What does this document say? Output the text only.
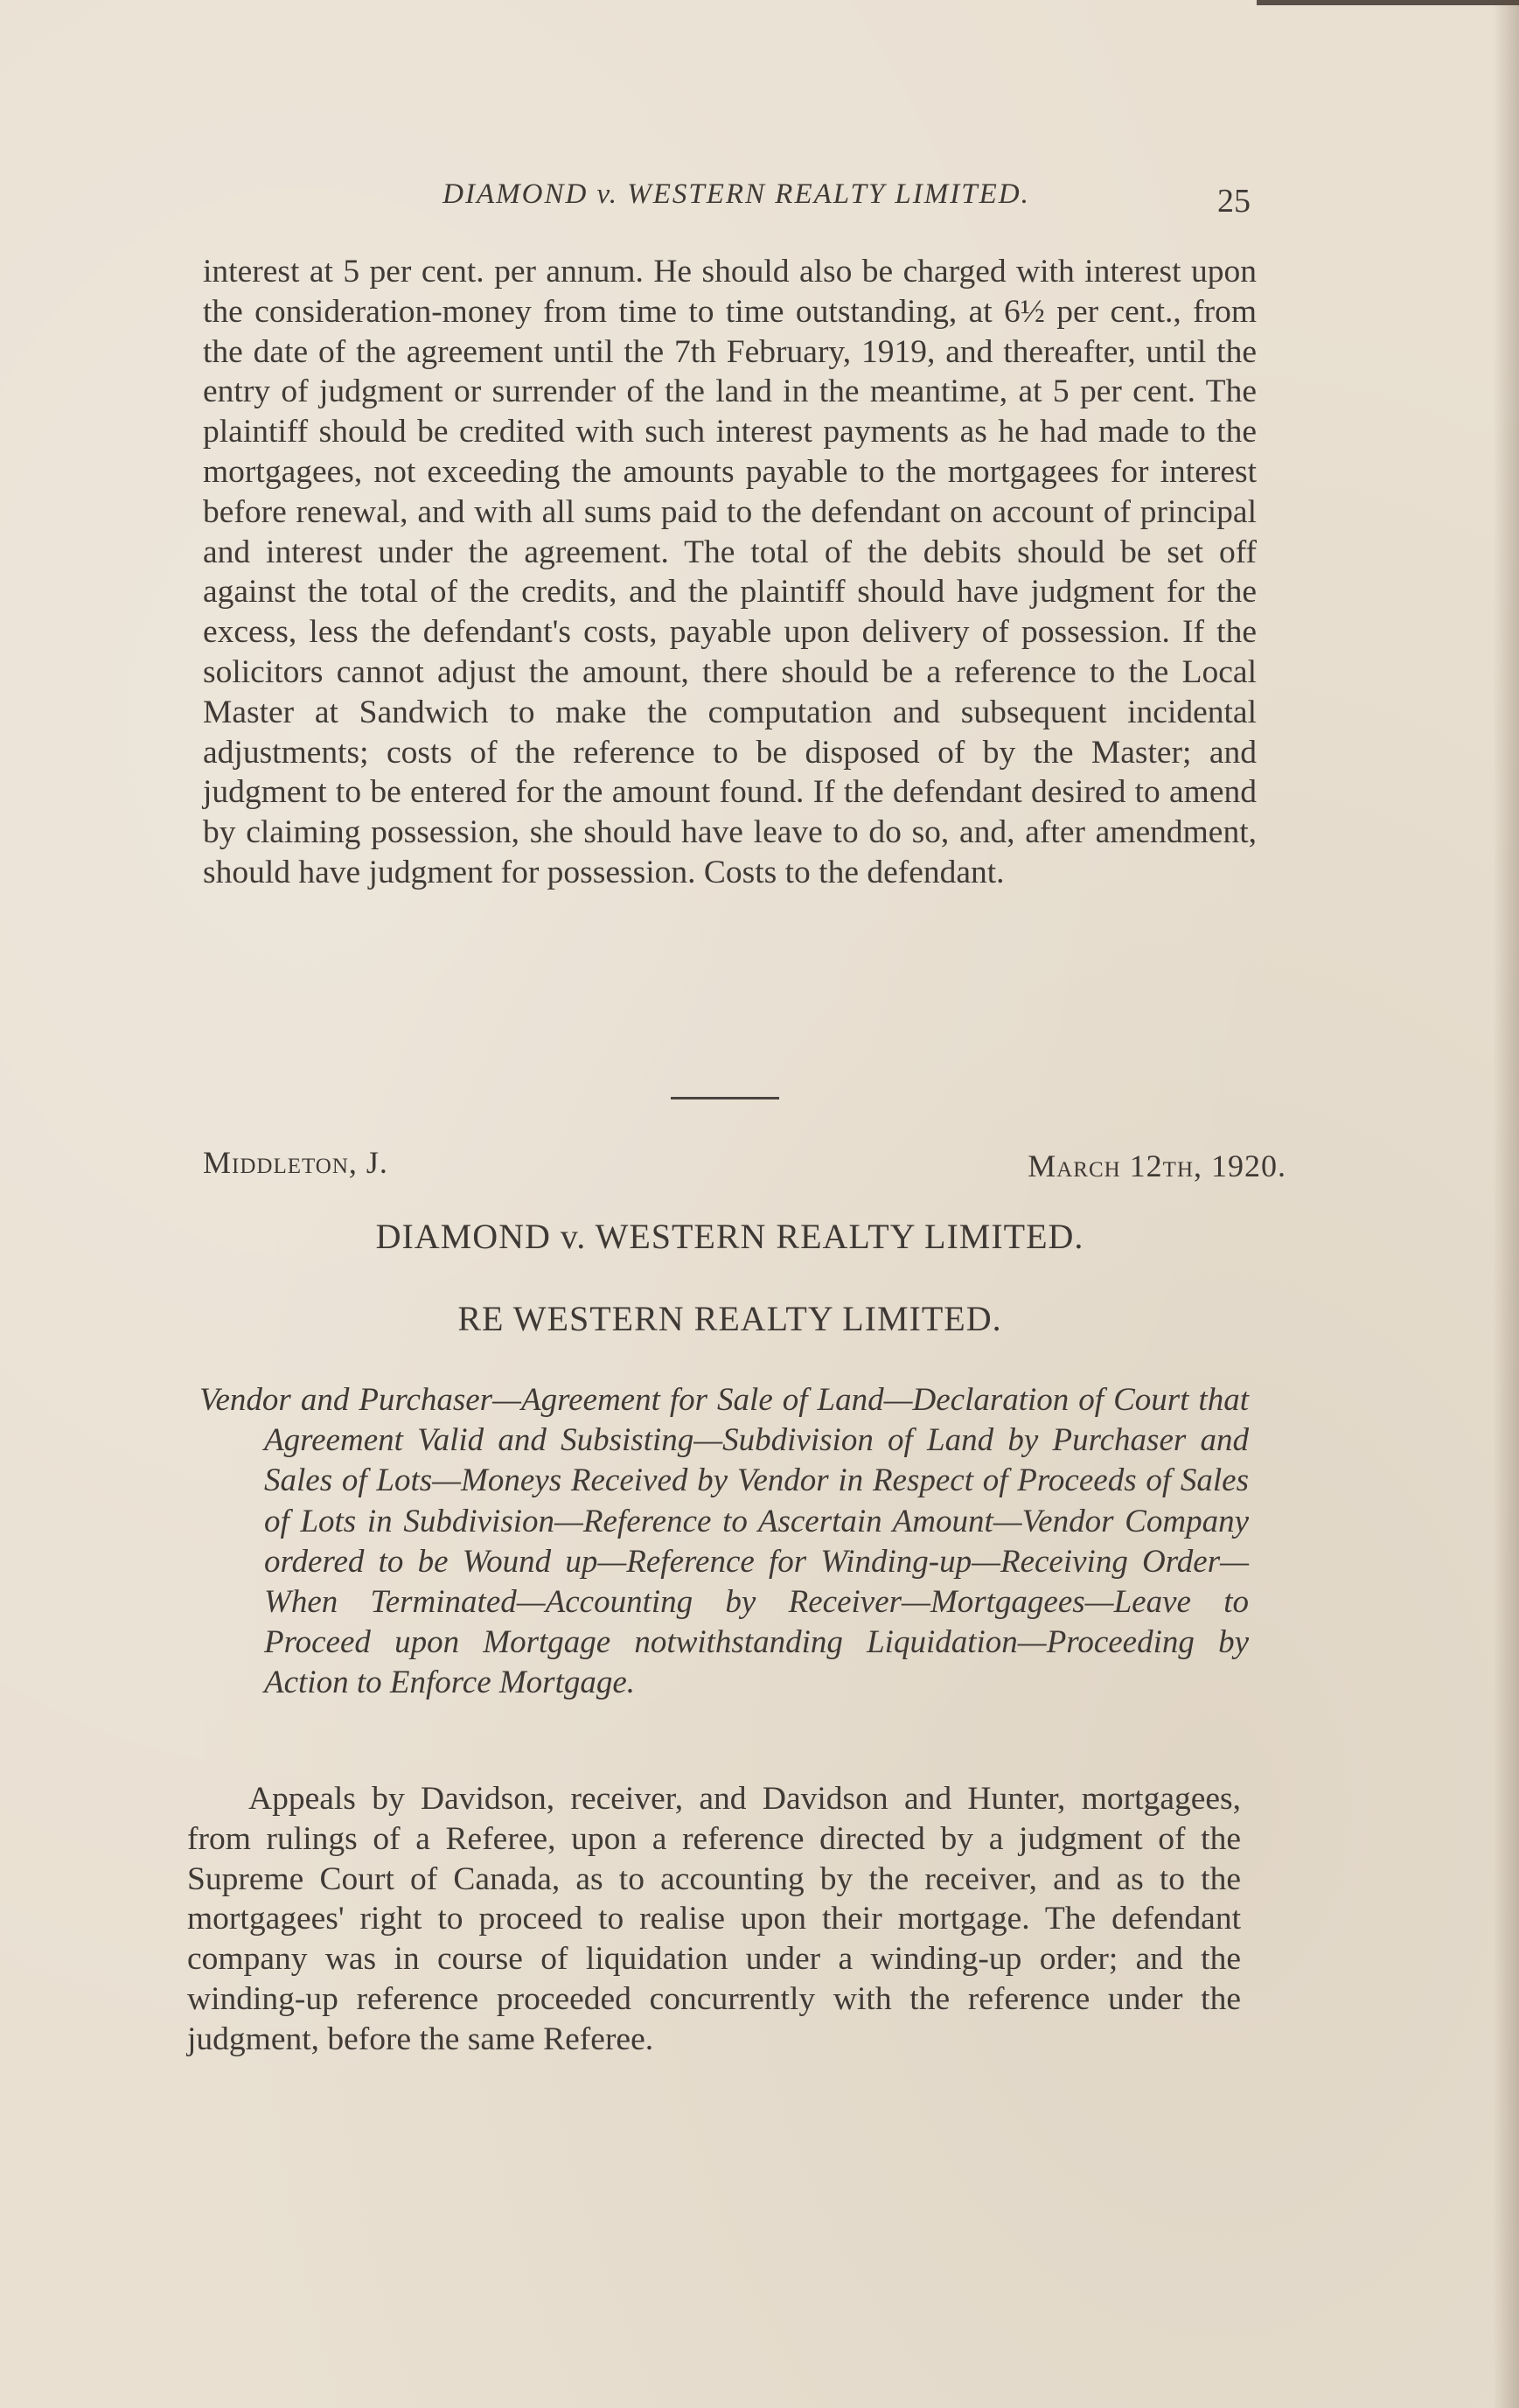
DIAMOND v. WESTERN REALTY LIMITED.	25

interest at 5 per cent. per annum. He should also be charged with interest upon the consideration-money from time to time outstanding, at 6½ per cent., from the date of the agreement until the 7th February, 1919, and thereafter, until the entry of judgment or surrender of the land in the meantime, at 5 per cent. The plaintiff should be credited with such interest payments as he had made to the mortgagees, not exceeding the amounts payable to the mortgagees for interest before renewal, and with all sums paid to the defendant on account of principal and interest under the agreement. The total of the debits should be set off against the total of the credits, and the plaintiff should have judgment for the excess, less the defendant's costs, payable upon delivery of possession. If the solicitors cannot adjust the amount, there should be a reference to the Local Master at Sandwich to make the computation and subsequent incidental adjustments; costs of the reference to be disposed of by the Master; and judgment to be entered for the amount found. If the defendant desired to amend by claiming possession, she should have leave to do so, and, after amendment, should have judgment for possession. Costs to the defendant.

Middleton, J.	March 12th, 1920.
DIAMOND v. WESTERN REALTY LIMITED.
RE WESTERN REALTY LIMITED.

Vendor and Purchaser—Agreement for Sale of Land—Declaration of Court that Agreement Valid and Subsisting—Subdivision of Land by Purchaser and Sales of Lots—Moneys Received by Vendor in Respect of Proceeds of Sales of Lots in Subdivision—Reference to Ascertain Amount—Vendor Company ordered to be Wound up—Reference for Winding-up—Receiving Order—When Terminated—Accounting by Receiver—Mortgagees—Leave to Proceed upon Mortgage notwithstanding Liquidation—Proceeding by Action to Enforce Mortgage.

Appeals by Davidson, receiver, and Davidson and Hunter, mortgagees, from rulings of a Referee, upon a reference directed by a judgment of the Supreme Court of Canada, as to accounting by the receiver, and as to the mortgagees' right to proceed to realise upon their mortgage. The defendant company was in course of liquidation under a winding-up order; and the winding-up reference proceeded concurrently with the reference under the judgment, before the same Referee.
